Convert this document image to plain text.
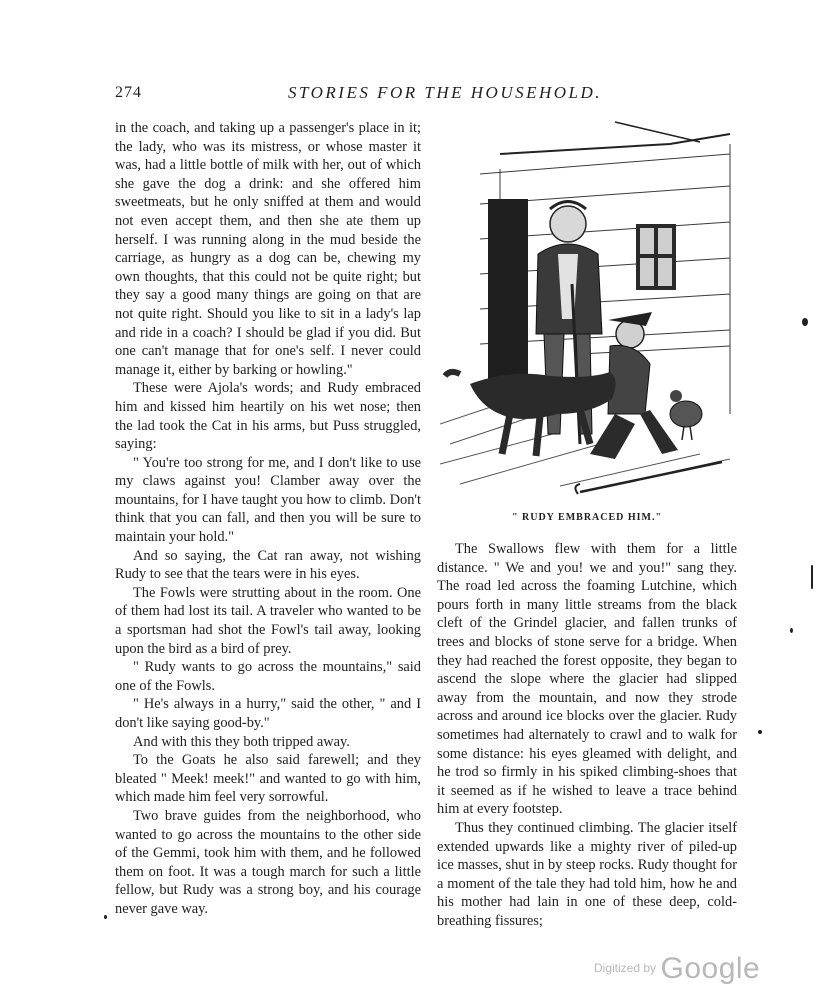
274	STORIES FOR THE HOUSEHOLD.

in the coach, and taking up a passenger's place in it; the lady, who was its mistress, or whose master it was, had a little bottle of milk with her, out of which she gave the dog a drink: and she offered him sweetmeats, but he only sniffed at them and would not even accept them, and then she ate them up herself. I was running along in the mud beside the carriage, as hungry as a dog can be, chewing my own thoughts, that this could not be quite right; but they say a good many things are going on that are not quite right. Should you like to sit in a lady's lap and ride in a coach? I should be glad if you did. But one can't manage that for one's self. I never could manage it, either by barking or howling."

These were Ajola's words; and Rudy embraced him and kissed him heartily on his wet nose; then the lad took the Cat in his arms, but Puss struggled, saying:

" You're too strong for me, and I don't like to use my claws against you! Clamber away over the mountains, for I have taught you how to climb. Don't think that you can fall, and then you will be sure to maintain your hold."

And so saying, the Cat ran away, not wishing Rudy to see that the tears were in his eyes.

The Fowls were strutting about in the room. One of them had lost its tail. A traveler who wanted to be a sportsman had shot the Fowl's tail away, looking upon the bird as a bird of prey.

" Rudy wants to go across the mountains," said one of the Fowls.

" He's always in a hurry," said the other, " and I don't like saying good-by."

And with this they both tripped away.

To the Goats he also said farewell; and they bleated " Meek! meek!" and wanted to go with him, which made him feel very sorrowful.

Two brave guides from the neighborhood, who wanted to go across the mountains to the other side of the Gemmi, took him with them, and he followed them on foot. It was a tough march for such a little fellow, but Rudy was a strong boy, and his courage never gave way.

" RUDY EMBRACED HIM."

The Swallows flew with them for a little distance. " We and you! we and you!" sang they. The road led across the foaming Lutchine, which pours forth in many little streams from the black cleft of the Grindel glacier, and fallen trunks of trees and blocks of stone serve for a bridge. When they had reached the forest opposite, they began to ascend the slope where the glacier had slipped away from the mountain, and now they strode across and around ice blocks over the glacier. Rudy sometimes had alternately to crawl and to walk for some distance: his eyes gleamed with delight, and he trod so firmly in his spiked climbing-shoes that it seemed as if he wished to leave a trace behind him at every footstep.

Thus they continued climbing. The glacier itself extended upwards like a mighty river of piled-up ice masses, shut in by steep rocks. Rudy thought for a moment of the tale they had told him, how he and his mother had lain in one of these deep, cold-breathing fissures;

$^{Digitized by}$ Google
